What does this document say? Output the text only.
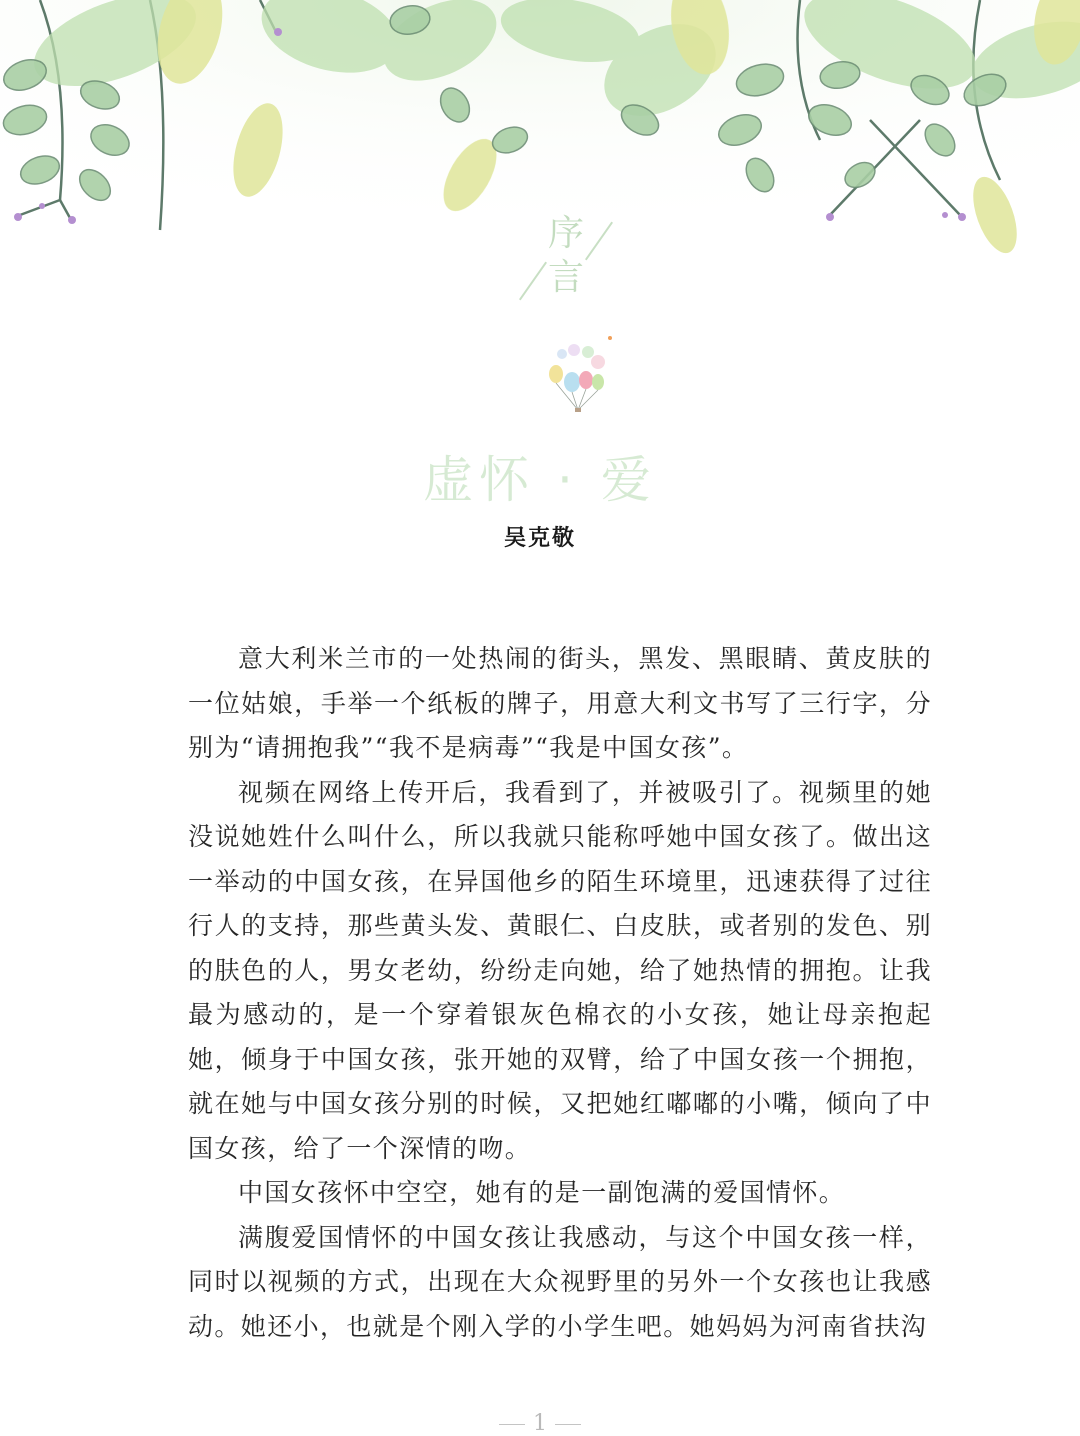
序
言
虚怀 · 爱
吴克敬

意大利米兰市的一处热闹的街头，黑发、黑眼睛、黄皮肤的一位姑娘，手举一个纸板的牌子，用意大利文书写了三行字，分别为“请拥抱我”“我不是病毒”“我是中国女孩”。

视频在网络上传开后，我看到了，并被吸引了。视频里的她没说她姓什么叫什么，所以我就只能称呼她中国女孩了。做出这一举动的中国女孩，在异国他乡的陌生环境里，迅速获得了过往行人的支持，那些黄头发、黄眼仁、白皮肤，或者别的发色、别的肤色的人，男女老幼，纷纷走向她，给了她热情的拥抱。让我最为感动的，是一个穿着银灰色棉衣的小女孩，她让母亲抱起她，倾身于中国女孩，张开她的双臂，给了中国女孩一个拥抱，就在她与中国女孩分别的时候，又把她红嘟嘟的小嘴，倾向了中国女孩，给了一个深情的吻。

中国女孩怀中空空，她有的是一副饱满的爱国情怀。

满腹爱国情怀的中国女孩让我感动，与这个中国女孩一样，同时以视频的方式，出现在大众视野里的另外一个女孩也让我感动。她还小，也就是个刚入学的小学生吧。她妈妈为河南省扶沟

1
